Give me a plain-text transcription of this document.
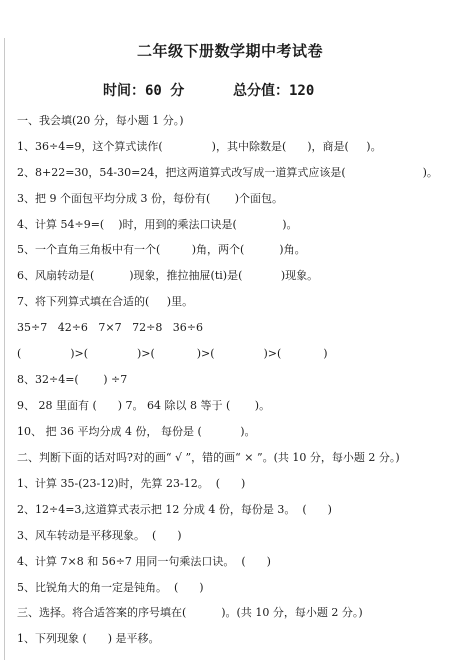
二年级下册数学期中考试卷
时间：60 分	总分值：120
一、我会填(20 分，每小题 1 分。)
1、36÷4=9，这个算式读作(              )，其中除数是(      )，商是(     )。
2、8+22=30，54-30=24，把这两道算式改写成一道算式应该是(                      )。
3、把 9 个面包平均分成 3 份，每份有(       )个面包。
4、计算 54÷9=(    )时，用到的乘法口诀是(             )。
5、一个直角三角板中有一个(         )角，两个(          )角。
6、风扇转动是(          )现象，推拉抽屉(ti)是(           )现象。
7、将下列算式填在合适的(     )里。
35÷7   42÷6   7×7   72÷8   36÷6
(              )>(              )>(            )>(              )>(            )
8、32÷4=(       ) ÷7
9、 28 里面有 (      ) 7。 64 除以 8 等于 (       )。
10、 把 36 平均分成 4 份， 每份是 (           )。
二、判断下面的话对吗?对的画“ √ ”，错的画“ × ”。(共 10 分，每小题 2 分。)
1、计算 35-(23-12)时，先算 23-12。  (      )
2、12÷4=3,这道算式表示把 12 分成 4 份，每份是 3。  (      )
3、风车转动是平移现象。  (      )
4、计算 7×8 和 56÷7 用同一句乘法口诀。  (      )
5、比锐角大的角一定是钝角。  (      )
三、选择。将合适答案的序号填在(          )。(共 10 分，每小题 2 分。)
1、下列现象 (      ) 是平移。
